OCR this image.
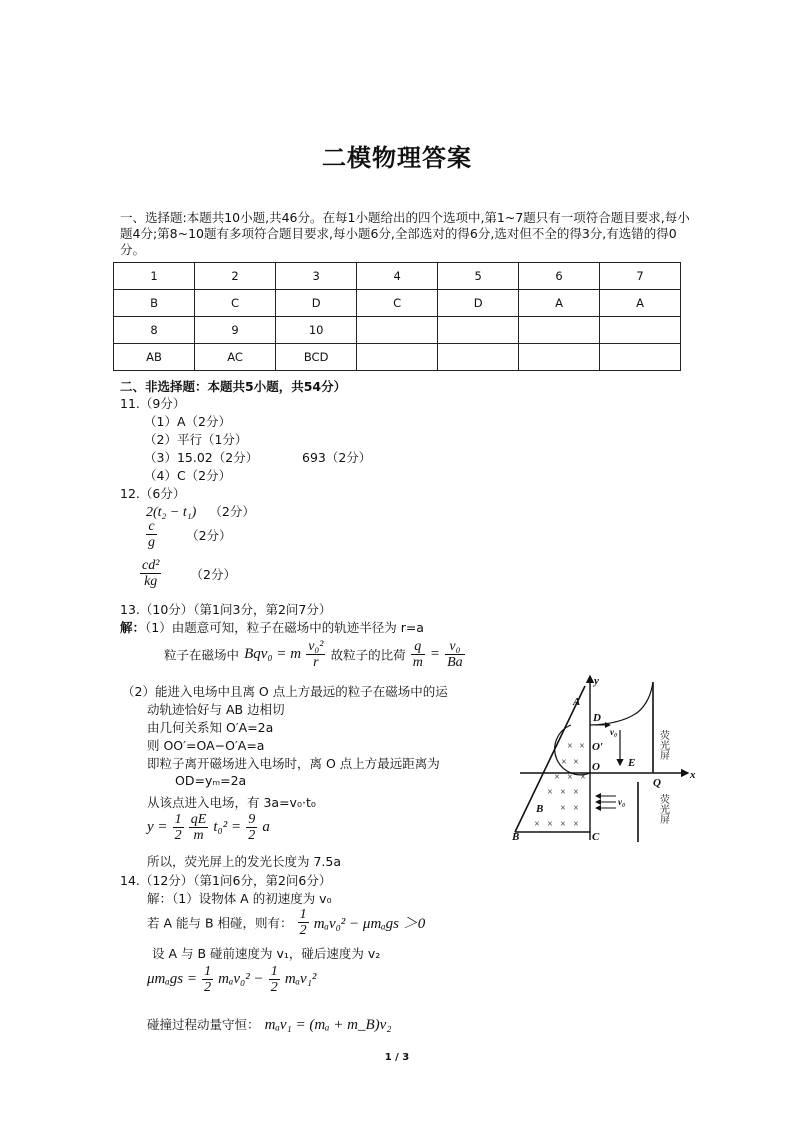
二模物理答案
一、选择题:本题共10小题,共46分。在每1小题给出的四个选项中,第1~7题只有一项符合题目要求,每小题4分;第8~10题有多项符合题目要求,每小题6分,全部选对的得6分,选对但不全的得3分,有选错的得0分。
1	2	3	4	5	6	7
B	C	D	C	D	A	A
8	9	10				
AB	AC	BCD				
二、非选择题：本题共5小题，共54分）
11.（9分）
（1）A（2分）
（2）平行（1分）
（3）15.02（2分）	693（2分）
（4）C（2分）
12.（6分）
2(t₂ − t₁) （2分）
$\frac{c}{g} (2$分）
$\frac{\text{cd²}}{kg} (2$分）
13.（10分）（第1问3分，第2问7分）
解：（1）由题意可知，粒子在磁场中的轨迹半径为 r=a
粒子在磁场中 Bqv₀ = m $\frac{\text{v₀²}}{r}$ 故粒子的比荷 $\frac{q}{m} = \frac{\text{v₀}}{Ba}$
（2）能进入电场中且离 O 点上方最远的粒子在磁场中的运
动轨迹恰好与 AB 边相切
由几何关系知 O′A=2a
则 OO′=OA−O′A=a
即粒子离开磁场进入电场时，离 O 点上方最远距离为
OD=yₘ=2a
从该点进入电场，有 3a=v₀·t₀
$y = \frac{1}{2}$
$\frac{qE}{m} t_0^2 = \frac{9}{2}$ a
所以，荧光屏上的发光长度为 7.5a
14.（12分）（第1问6分，第2问6分）
解：（1）设物体 A 的初速度为 v₀
若 A 能与 B 相碰，则有： $\frac{1}{2} m_av_0^2 - \mu m_ags >0$
设 A 与 B 碰前速度为 v₁，碰后速度为 v₂
$\mu m_ags = \frac{1}{2} m_av_0^2 - \frac{1}{2} m_av_1^2$
碰撞过程动量守恒： mₐv₁ = (mₐ + m_B)v₂
× ×
× ×
× × ×
× × ×
× ×
× × × ×
y
x
A
D
v₀
O′
O	E
Q
B
v₀
B	C
荧光屏
荧光屏
1 / 3
